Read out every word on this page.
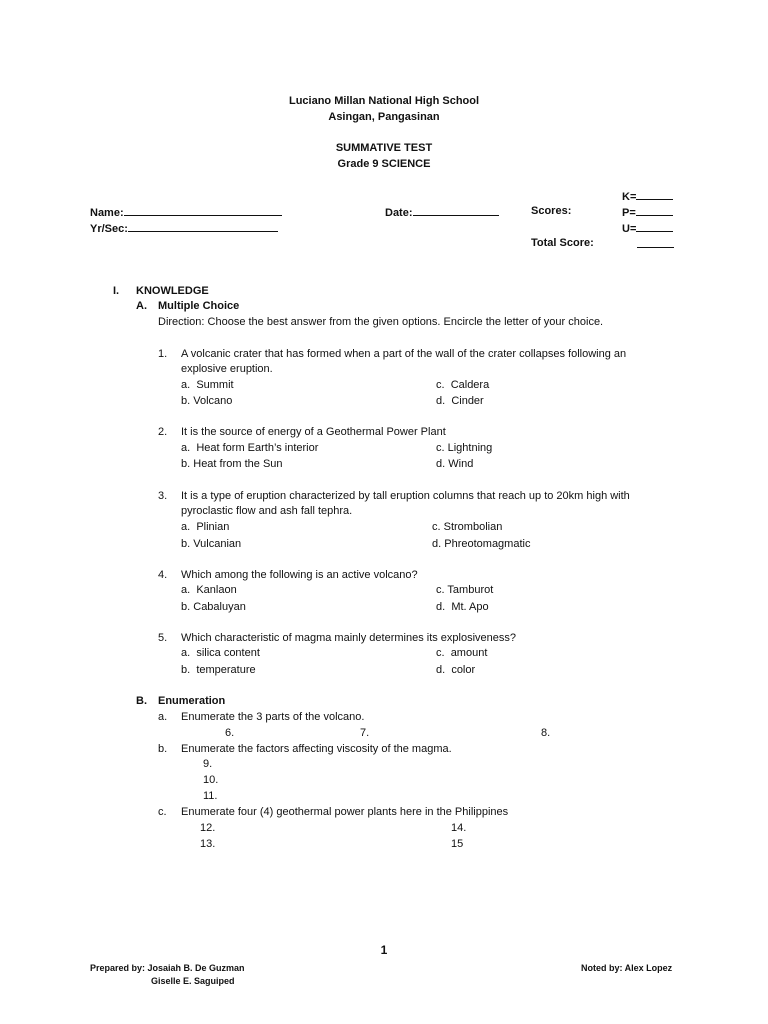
Luciano Millan National High School
Asingan, Pangasinan
SUMMATIVE TEST
Grade 9 SCIENCE
K=
Name:	Date:	Scores:	P=
Yr/Sec:	U=
Total Score:
I. KNOWLEDGE
A. Multiple Choice
Direction: Choose the best answer from the given options. Encircle the letter of your choice.
1. A volcanic crater that has formed when a part of the wall of the crater collapses following an
explosive eruption.
a. Summit	c. Caldera
b. Volcano	d. Cinder
2. It is the source of energy of a Geothermal Power Plant
a. Heat form Earth’s interior	c. Lightning
b. Heat from the Sun	d. Wind
3. It is a type of eruption characterized by tall eruption columns that reach up to 20km high with
pyroclastic flow and ash fall tephra.
a. Plinian	c. Strombolian
b. Vulcanian	d. Phreotomagmatic
4. Which among the following is an active volcano?
a. Kanlaon	c. Tamburot
b. Cabaluyan	d. Mt. Apo
5. Which characteristic of magma mainly determines its explosiveness?
a. silica content	c. amount
b. temperature	d. color
B. Enumeration
a. Enumerate the 3 parts of the volcano.
6.	7.	8.
b. Enumerate the factors affecting viscosity of the magma.
9.
10.
11.
c. Enumerate four (4) geothermal power plants here in the Philippines
12.	14.
13.	15
1
Prepared by: Josaiah B. De Guzman
Giselle E. Saguiped
Noted by: Alex Lopez
